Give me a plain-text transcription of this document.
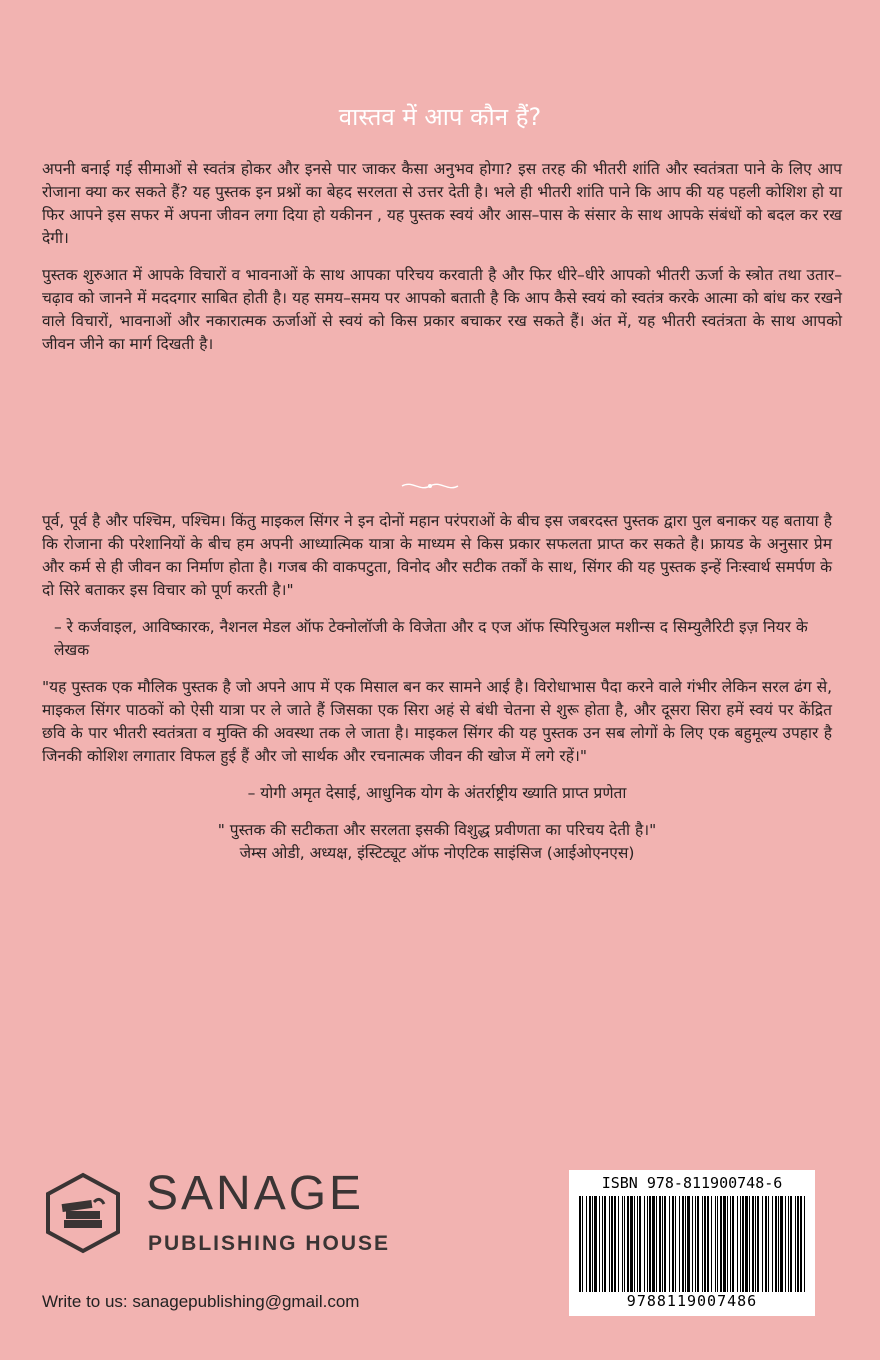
वास्तव में आप कौन हैं?

अपनी बनाई गई सीमाओं से स्वतंत्र होकर और इनसे पार जाकर कैसा अनुभव होगा? इस तरह की भीतरी शांति और स्वतंत्रता पाने के लिए आप रोजाना क्या कर सकते हैं? यह पुस्तक इन प्रश्नों का बेहद सरलता से उत्तर देती है। भले ही भीतरी शांति पाने कि आप की यह पहली कोशिश हो या फिर आपने इस सफर में अपना जीवन लगा दिया हो यकीनन , यह पुस्तक स्वयं और आस–पास के संसार के साथ आपके संबंधों को बदल कर रख देगी।

पुस्तक शुरुआत में आपके विचारों व भावनाओं के साथ आपका परिचय करवाती है और फिर धीरे–धीरे आपको भीतरी ऊर्जा के स्त्रोत तथा उतार–चढ़ाव को जानने में मददगार साबित होती है। यह समय–समय पर आपको बताती है कि आप कैसे स्वयं को स्वतंत्र करके आत्मा को बांध कर रखने वाले विचारों, भावनाओं और नकारात्मक ऊर्जाओं से स्वयं को किस प्रकार बचाकर रख सकते हैं। अंत में, यह भीतरी स्वतंत्रता के साथ आपको जीवन जीने का मार्ग दिखती है।

पूर्व, पूर्व है और पश्चिम, पश्चिम। किंतु माइकल सिंगर ने इन दोनों महान परंपराओं के बीच इस जबरदस्त पुस्तक द्वारा पुल बनाकर यह बताया है कि रोजाना की परेशानियों के बीच हम अपनी आध्यात्मिक यात्रा के माध्यम से किस प्रकार सफलता प्राप्त कर सकते है। फ्रायड के अनुसार प्रेम और कर्म से ही जीवन का निर्माण होता है। गजब की वाकपटुता, विनोद और सटीक तर्कों के साथ, सिंगर की यह पुस्तक इन्हें निःस्वार्थ समर्पण के दो सिरे बताकर इस विचार को पूर्ण करती है।"

– रे कर्जवाइल, आविष्कारक, नैशनल मेडल ऑफ टेक्नोलॉजी के विजेता और द एज ऑफ स्पिरिचुअल मशीन्स द सिम्युलैरिटी इज़ नियर के लेखक

"यह पुस्तक एक मौलिक पुस्तक है जो अपने आप में एक मिसाल बन कर सामने आई है। विरोधाभास पैदा करने वाले गंभीर लेकिन सरल ढंग से, माइकल सिंगर पाठकों को ऐसी यात्रा पर ले जाते हैं जिसका एक सिरा अहं से बंधी चेतना से शुरू होता है, और दूसरा सिरा हमें स्वयं पर केंद्रित छवि के पार भीतरी स्वतंत्रता व मुक्ति की अवस्था तक ले जाता है। माइकल सिंगर की यह पुस्तक उन सब लोगों के लिए एक बहुमूल्य उपहार है जिनकी कोशिश लगातार विफल हुई हैं और जो सार्थक और रचनात्मक जीवन की खोज में लगे रहें।"

– योगी अमृत देसाई, आधुनिक योग के अंतर्राष्ट्रीय ख्याति प्राप्त प्रणेता

" पुस्तक की सटीकता और सरलता इसकी विशुद्ध प्रवीणता का परिचय देती है।"

जेम्स ओडी, अध्यक्ष, इंस्टिट्यूट ऑफ नोएटिक साइंसिज (आईओएनएस)

SANAGE
PUBLISHING HOUSE
Write to us: sanagepublishing@gmail.com
ISBN 978-811900748-6
9788119007486
